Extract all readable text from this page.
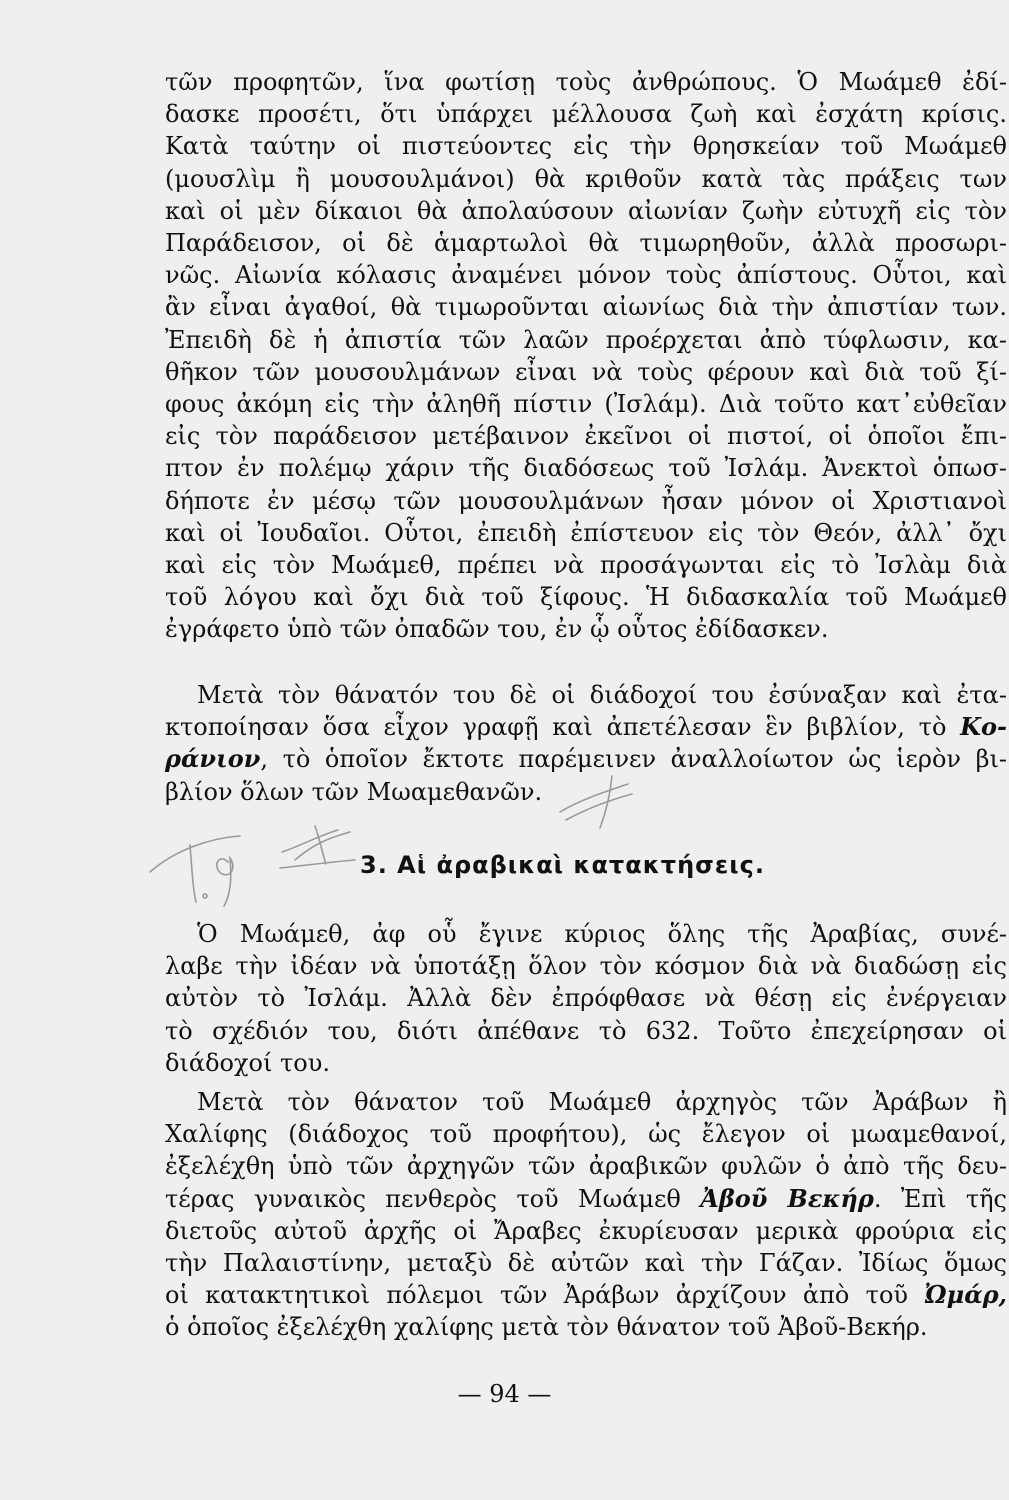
τῶν προφητῶν, ἵνα φωτίσῃ τοὺς ἀνθρώπους. Ὁ Μωάμεθ ἐδί-
δασκε προσέτι, ὅτι ὑπάρχει μέλλουσα ζωὴ καὶ ἐσχάτη κρίσις.
Κατὰ ταύτην οἱ πιστεύοντες εἰς τὴν θρησκείαν τοῦ Μωάμεθ
(μουσλὶμ ἢ μουσουλμάνοι) θὰ κριθοῦν κατὰ τὰς πράξεις των
καὶ οἱ μὲν δίκαιοι θὰ ἀπολαύσουν αἰωνίαν ζωὴν εὐτυχῆ εἰς τὸν
Παράδεισον, οἱ δὲ ἁμαρτωλοὶ θὰ τιμωρηθοῦν, ἀλλὰ προσωρι-
νῶς. Αἰωνία κόλασις ἀναμένει μόνον τοὺς ἀπίστους. Οὗτοι, καὶ
ἂν εἶναι ἀγαθοί, θὰ τιμωροῦνται αἰωνίως διὰ τὴν ἀπιστίαν των.
Ἐπειδὴ δὲ ἡ ἀπιστία τῶν λαῶν προέρχεται ἀπὸ τύφλωσιν, κα-
θῆκον τῶν μουσουλμάνων εἶναι νὰ τοὺς φέρουν καὶ διὰ τοῦ ξί-
φους ἀκόμη εἰς τὴν ἀληθῆ πίστιν (Ἰσλάμ). Διὰ τοῦτο κατ᾽εὐθεῖαν
εἰς τὸν παράδεισον μετέβαινον ἐκεῖνοι οἱ πιστοί, οἱ ὁποῖοι ἔπι-
πτον ἐν πολέμῳ χάριν τῆς διαδόσεως τοῦ Ἰσλάμ. Ἀνεκτοὶ ὁπωσ-
δήποτε ἐν μέσῳ τῶν μουσουλμάνων ἦσαν μόνον οἱ Χριστιανοὶ
καὶ οἱ Ἰουδαῖοι. Οὗτοι, ἐπειδὴ ἐπίστευον εἰς τὸν Θεόν, ἀλλ᾽ ὄχι
καὶ εἰς τὸν Μωάμεθ, πρέπει νὰ προσάγωνται εἰς τὸ Ἰσλὰμ διὰ
τοῦ λόγου καὶ ὄχι διὰ τοῦ ξίφους. Ἡ διδασκαλία τοῦ Μωάμεθ
ἐγράφετο ὑπὸ τῶν ὀπαδῶν του, ἐν ᾧ οὗτος ἐδίδασκεν.
Μετὰ τὸν θάνατόν του δὲ οἱ διάδοχοί του ἐσύναξαν καὶ ἐτα-
κτοποίησαν ὅσα εἶχον γραφῇ καὶ ἀπετέλεσαν ἓν βιβλίον, τὸ Κο-
ράνιον, τὸ ὁποῖον ἔκτοτε παρέμεινεν ἀναλλοίωτον ὡς ἱερὸν βι-
βλίον ὅλων τῶν Μωαμεθανῶν.
3. Αἱ ἀραβικαὶ κατακτήσεις.
Ὁ Μωάμεθ, ἀφ οὗ ἔγινε κύριος ὅλης τῆς Ἀραβίας, συνέ-
λαβε τὴν ἰδέαν νὰ ὑποτάξῃ ὅλον τὸν κόσμον διὰ νὰ διαδώσῃ εἰς
αὐτὸν τὸ Ἰσλάμ. Ἀλλὰ δὲν ἐπρόφθασε νὰ θέσῃ εἰς ἐνέργειαν
τὸ σχέδιόν του, διότι ἀπέθανε τὸ 632. Τοῦτο ἐπεχείρησαν οἱ
διάδοχοί του.
Μετὰ τὸν θάνατον τοῦ Μωάμεθ ἀρχηγὸς τῶν Ἀράβων ἢ
Χαλίφης (διάδοχος τοῦ προφήτου), ὡς ἔλεγον οἱ μωαμεθανοί,
ἐξελέχθη ὑπὸ τῶν ἀρχηγῶν τῶν ἀραβικῶν φυλῶν ὁ ἀπὸ τῆς δευ-
τέρας γυναικὸς πενθερὸς τοῦ Μωάμεθ Ἀβοῦ Βεκήρ. Ἐπὶ τῆς
διετοῦς αὐτοῦ ἀρχῆς οἱ Ἄραβες ἐκυρίευσαν μερικὰ φρούρια εἰς
τὴν Παλαιστίνην, μεταξὺ δὲ αὐτῶν καὶ τὴν Γάζαν. Ἰδίως ὅμως
οἱ κατακτητικοὶ πόλεμοι τῶν Ἀράβων ἀρχίζουν ἀπὸ τοῦ Ὠμάρ,
ὁ ὁποῖος ἐξελέχθη χαλίφης μετὰ τὸν θάνατον τοῦ Ἀβοῦ-Βεκήρ.
— 94 —
